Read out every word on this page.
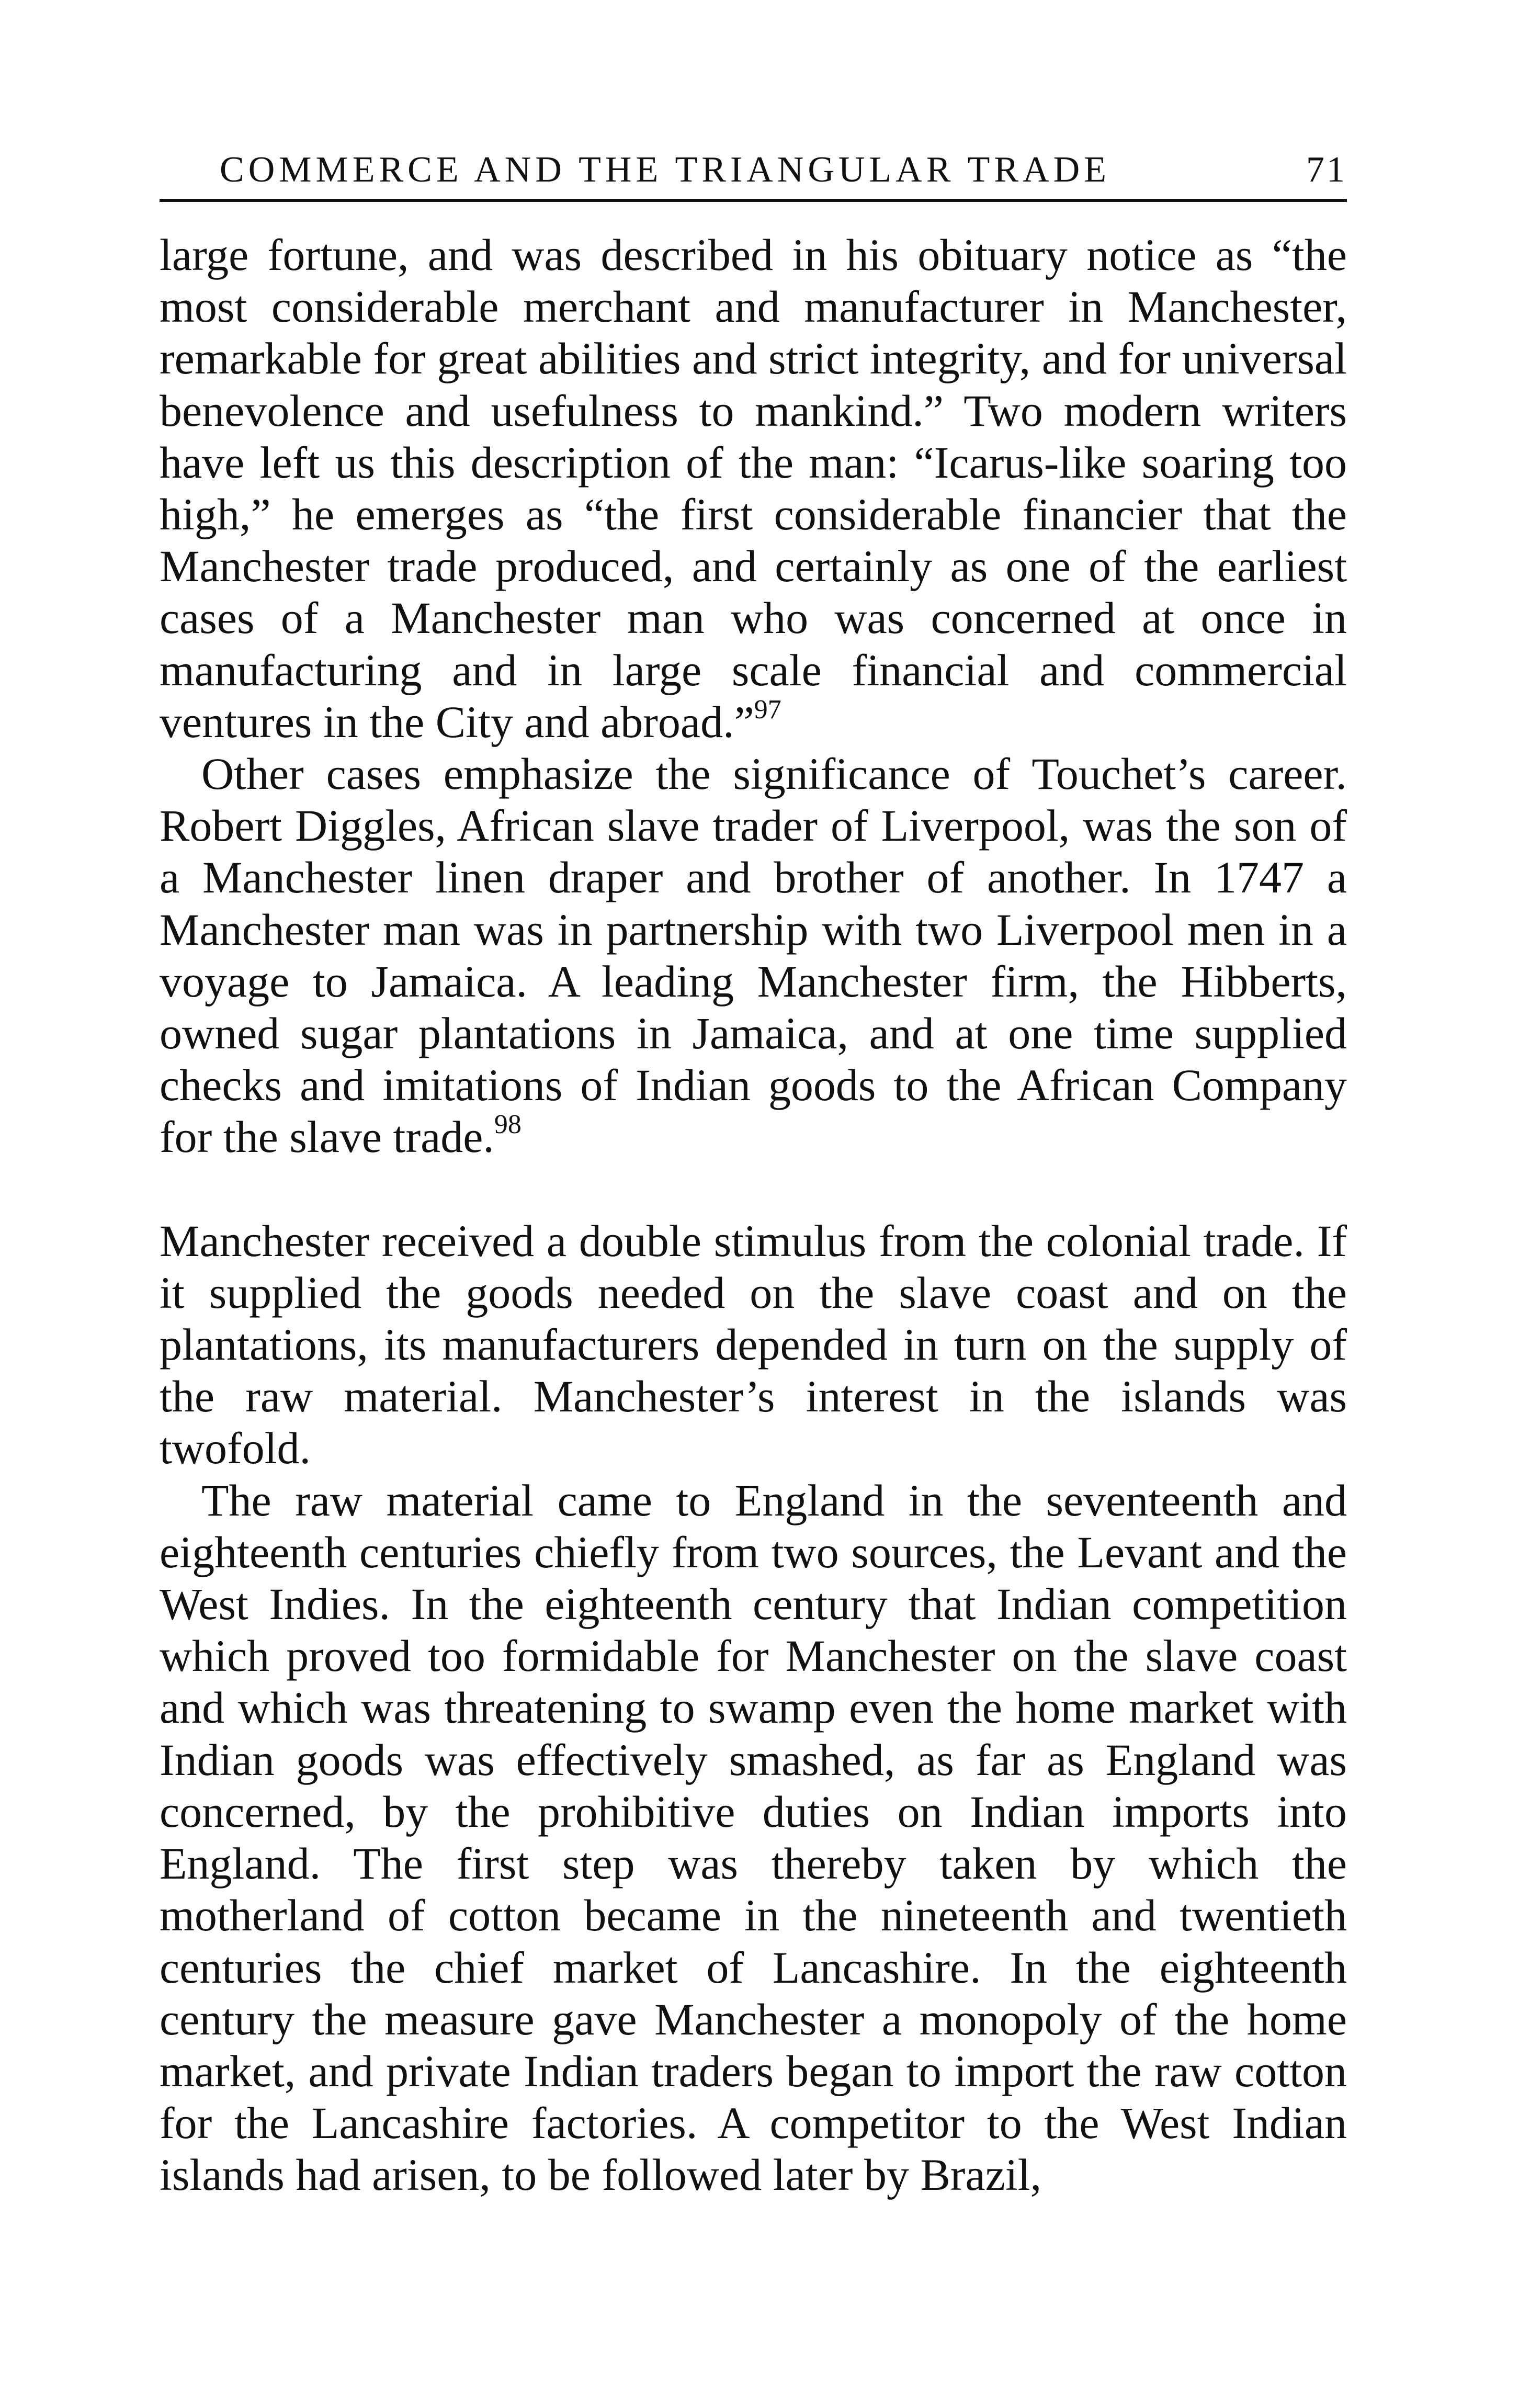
COMMERCE AND THE TRIANGULAR TRADE	71

large fortune, and was described in his obituary notice as “the most considerable merchant and manufacturer in Manchester, remarkable for great abilities and strict integrity, and for universal benevolence and usefulness to mankind.” Two modern writers have left us this description of the man: “Icarus-like soaring too high,” he emerges as “the first considerable financier that the Manchester trade produced, and certainly as one of the earliest cases of a Manchester man who was concerned at once in manufacturing and in large scale financial and commercial ventures in the City and abroad.”$^{97}$

Other cases emphasize the significance of Touchet’s career. Robert Diggles, African slave trader of Liverpool, was the son of a Manchester linen draper and brother of another. In 1747 a Manchester man was in partnership with two Liverpool men in a voyage to Jamaica. A leading Manchester firm, the Hibberts, owned sugar plantations in Jamaica, and at one time supplied checks and imitations of Indian goods to the African Company for the slave trade.$^{98}$

Manchester received a double stimulus from the colonial trade. If it supplied the goods needed on the slave coast and on the plantations, its manufacturers depended in turn on the supply of the raw material. Manchester’s interest in the islands was twofold.

The raw material came to England in the seventeenth and eighteenth centuries chiefly from two sources, the Levant and the West Indies. In the eighteenth century that Indian competition which proved too formidable for Manchester on the slave coast and which was threatening to swamp even the home market with Indian goods was effectively smashed, as far as England was concerned, by the prohibitive duties on Indian imports into England. The first step was thereby taken by which the motherland of cotton became in the nineteenth and twentieth centuries the chief market of Lancashire. In the eighteenth century the measure gave Manchester a monopoly of the home market, and private Indian traders began to import the raw cotton for the Lancashire factories. A competitor to the West Indian islands had arisen, to be followed later by Brazil,
